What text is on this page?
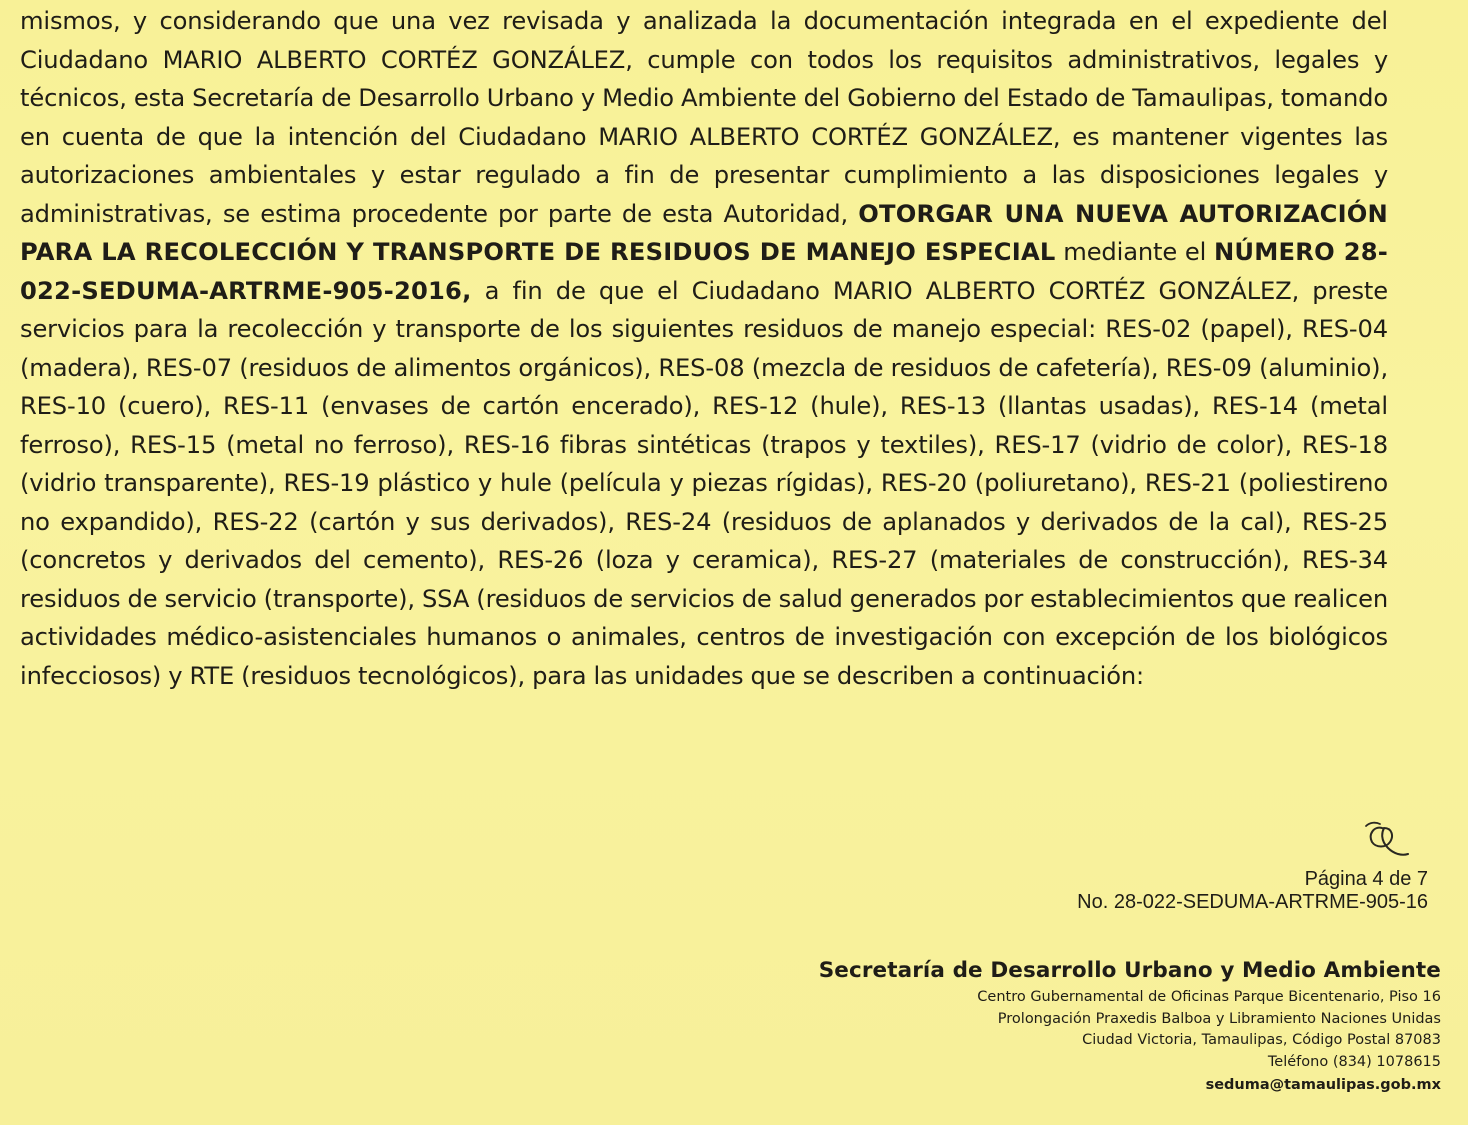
mismos, y considerando que una vez revisada y analizada la documentación integrada en el expediente del Ciudadano MARIO ALBERTO CORTÉZ GONZÁLEZ, cumple con todos los requisitos administrativos, legales y técnicos, esta Secretaría de Desarrollo Urbano y Medio Ambiente del Gobierno del Estado de Tamaulipas, tomando en cuenta de que la intención del Ciudadano MARIO ALBERTO CORTÉZ GONZÁLEZ, es mantener vigentes las autorizaciones ambientales y estar regulado a fin de presentar cumplimiento a las disposiciones legales y administrativas, se estima procedente por parte de esta Autoridad, OTORGAR UNA NUEVA AUTORIZACIÓN PARA LA RECOLECCIÓN Y TRANSPORTE DE RESIDUOS DE MANEJO ESPECIAL mediante el NÚMERO 28-022-SEDUMA-ARTRME-905-2016, a fin de que el Ciudadano MARIO ALBERTO CORTÉZ GONZÁLEZ, preste servicios para la recolección y transporte de los siguientes residuos de manejo especial: RES-02 (papel), RES-04 (madera), RES-07 (residuos de alimentos orgánicos), RES-08 (mezcla de residuos de cafetería), RES-09 (aluminio), RES-10 (cuero), RES-11 (envases de cartón encerado), RES-12 (hule), RES-13 (llantas usadas), RES-14 (metal ferroso), RES-15 (metal no ferroso), RES-16 fibras sintéticas (trapos y textiles), RES-17 (vidrio de color), RES-18 (vidrio transparente), RES-19 plástico y hule (película y piezas rígidas), RES-20 (poliuretano), RES-21 (poliestireno no expandido), RES-22 (cartón y sus derivados), RES-24 (residuos de aplanados y derivados de la cal), RES-25 (concretos y derivados del cemento), RES-26 (loza y ceramica), RES-27 (materiales de construcción), RES-34 residuos de servicio (transporte), SSA (residuos de servicios de salud generados por establecimientos que realicen actividades médico-asistenciales humanos o animales, centros de investigación con excepción de los biológicos infecciosos) y RTE (residuos tecnológicos), para las unidades que se describen a continuación:
Página 4 de 7
No. 28-022-SEDUMA-ARTRME-905-16
Secretaría de Desarrollo Urbano y Medio Ambiente
Centro Gubernamental de Oficinas Parque Bicentenario, Piso 16
Prolongación Praxedis Balboa y Libramiento Naciones Unidas
Ciudad Victoria, Tamaulipas, Código Postal 87083
Teléfono (834) 1078615
seduma@tamaulipas.gob.mx
